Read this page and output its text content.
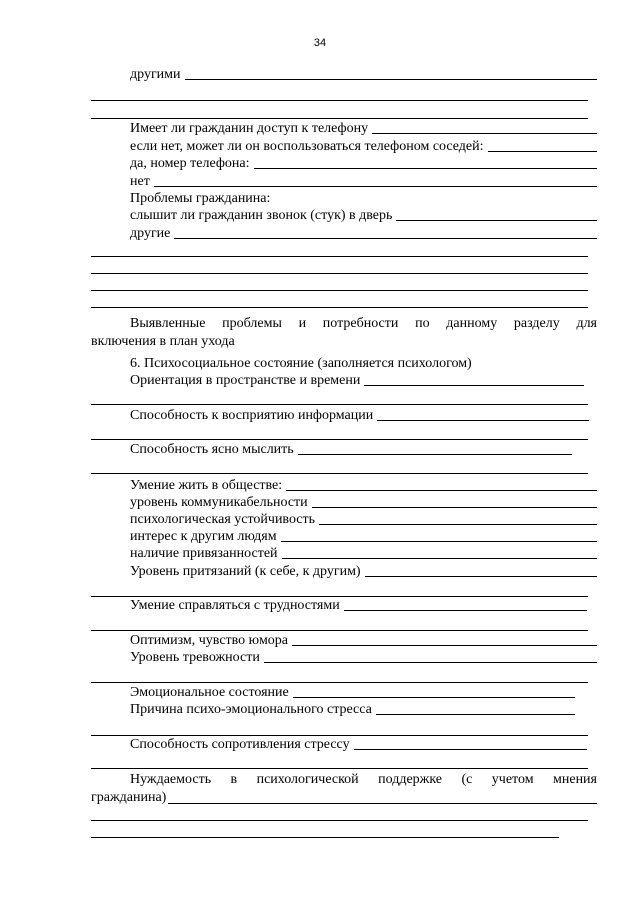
34
другими
Имеет ли гражданин доступ к телефону
если нет, может ли он воспользоваться телефоном соседей:
да, номер телефона:
нет
Проблемы гражданина:
слышит ли гражданин звонок (стук) в дверь
другие
Выявленные проблемы и потребности по данному разделу для
включения в план ухода
6. Психосоциальное состояние (заполняется психологом)
Ориентация в пространстве и времени
Способность к восприятию информации
Способность ясно мыслить
Умение жить в обществе:
уровень коммуникабельности
психологическая устойчивость
интерес к другим людям
наличие привязанностей
Уровень притязаний (к себе, к другим)
Умение справляться с трудностями
Оптимизм, чувство юмора
Уровень тревожности
Эмоциональное состояние
Причина психо-эмоционального стресса
Способность сопротивления стрессу
Нуждаемость в психологической поддержке (с учетом мнения
гражданина)
